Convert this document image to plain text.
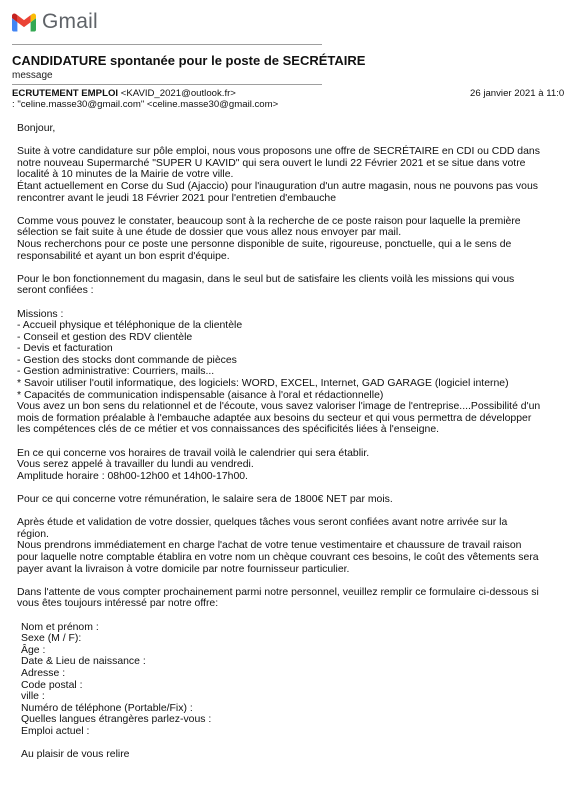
Gmail
CANDIDATURE spontanée pour le poste de SECRÉTAIRE
message
ECRUTEMENT EMPLOI <KAVID_2021@outlook.fr>	26 janvier 2021 à 11:0
: "celine.masse30@gmail.com" <celine.masse30@gmail.com>
Bonjour,
Suite à votre candidature sur pôle emploi, nous vous proposons une offre de SECRÉTAIRE en CDI ou CDD dans
notre nouveau Supermarché "SUPER U KAVID" qui sera ouvert le lundi 22 Février 2021 et se situe dans votre
localité à 10 minutes de la Mairie de votre ville.
Étant actuellement en Corse du Sud (Ajaccio) pour l'inauguration d'un autre magasin, nous ne pouvons pas vous
rencontrer avant le jeudi 18 Février 2021 pour l'entretien d'embauche
Comme vous pouvez le constater, beaucoup sont à la recherche de ce poste raison pour laquelle la première
sélection se fait suite à une étude de dossier que vous allez nous envoyer par mail.
Nous recherchons pour ce poste une personne disponible de suite, rigoureuse, ponctuelle, qui a le sens de
responsabilité et ayant un bon esprit d'équipe.
Pour le bon fonctionnement du magasin, dans le seul but de satisfaire les clients voilà les missions qui vous
seront confiées :
Missions :
- Accueil physique et téléphonique de la clientèle
- Conseil et gestion des RDV clientèle
- Devis et facturation
- Gestion des stocks dont commande de pièces
- Gestion administrative: Courriers, mails...
* Savoir utiliser l'outil informatique, des logiciels: WORD, EXCEL, Internet, GAD GARAGE (logiciel interne)
* Capacités de communication indispensable (aisance à l'oral et rédactionnelle)
Vous avez un bon sens du relationnel et de l'écoute, vous savez valoriser l'image de l'entreprise....Possibilité d'un
mois de formation préalable à l'embauche adaptée aux besoins du secteur et qui vous permettra de développer
les compétences clés de ce métier et vos connaissances des spécificités liées à l'enseigne.
En ce qui concerne vos horaires de travail voilà le calendrier qui sera établir.
Vous serez appelé à travailler du lundi au vendredi.
Amplitude horaire : 08h00-12h00 et 14h00-17h00.
Pour ce qui concerne votre rémunération, le salaire sera de 1800€ NET par mois.
Après étude et validation de votre dossier, quelques tâches vous seront confiées avant notre arrivée sur la
région.
Nous prendrons immédiatement en charge l'achat de votre tenue vestimentaire et chaussure de travail raison
pour laquelle notre comptable établira en votre nom un chèque couvrant ces besoins, le coût des vêtements sera
payer avant la livraison à votre domicile par notre fournisseur particulier.
Dans l'attente de vous compter prochainement parmi notre personnel, veuillez remplir ce formulaire ci-dessous si
vous êtes toujours intéressé par notre offre:
Nom et prénom :
Sexe (M / F):
Âge :
Date & Lieu de naissance :
Adresse :
Code postal :
ville :
Numéro de téléphone (Portable/Fix) :
Quelles langues étrangères parlez-vous :
Emploi actuel :
Au plaisir de vous relire
